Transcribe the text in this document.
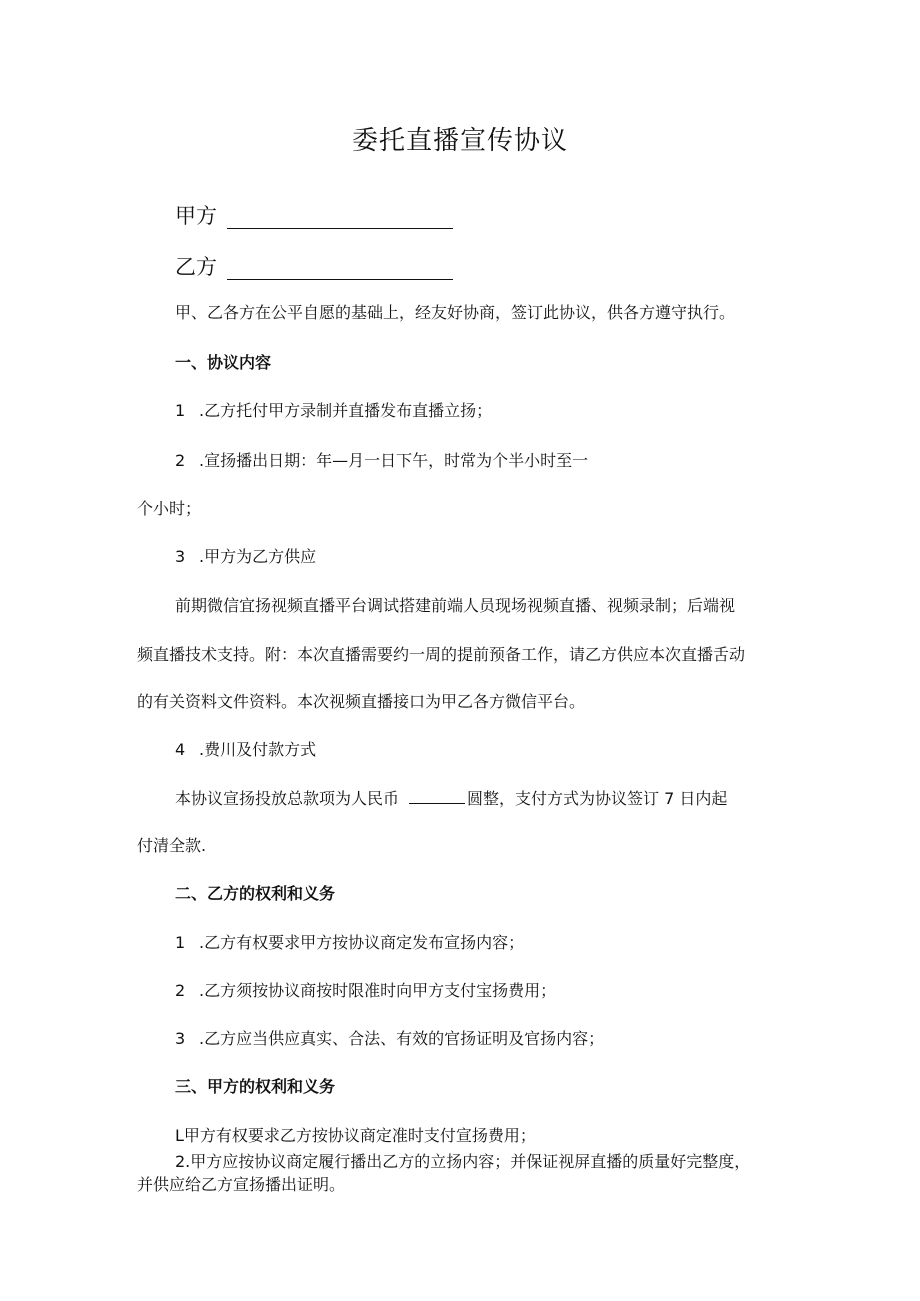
委托直播宣传协议
甲方
乙方
甲、乙各方在公平自愿的基础上，经友好协商，签订此协议，供各方遵守执行。
一、协议内容
1 .乙方托付甲方录制并直播发布直播立扬；
2 .宣扬播出日期：年—月一日下午，时常为个半小时至一
个小时；
3 .甲方为乙方供应
前期微信宜扬视频直播平台调试搭建前端人员现场视频直播、视频录制；后端视
频直播技术支持。附：本次直播需要约一周的提前预备工作，请乙方供应本次直播舌动
的有关资料文件资料。本次视频直播接口为甲乙各方微信平台。
4 .费川及付款方式
本协议宣扬投放总款项为人民币	圆整，支付方式为协议签订 7 日内起
付清全款.
二、乙方的权利和义务
1 .乙方有权要求甲方按协议商定发布宣扬内容；
2 .乙方须按协议商按时限准时向甲方支付宝扬费用；
3 .乙方应当供应真实、合法、有效的官扬证明及官扬内容；
三、甲方的权利和义务
L甲方有权要求乙方按协议商定准时支付宣扬费用；
2.甲方应按协议商定履行播出乙方的立扬内容；并保证视屏直播的质量好完整度，
并供应给乙方宣扬播出证明。
